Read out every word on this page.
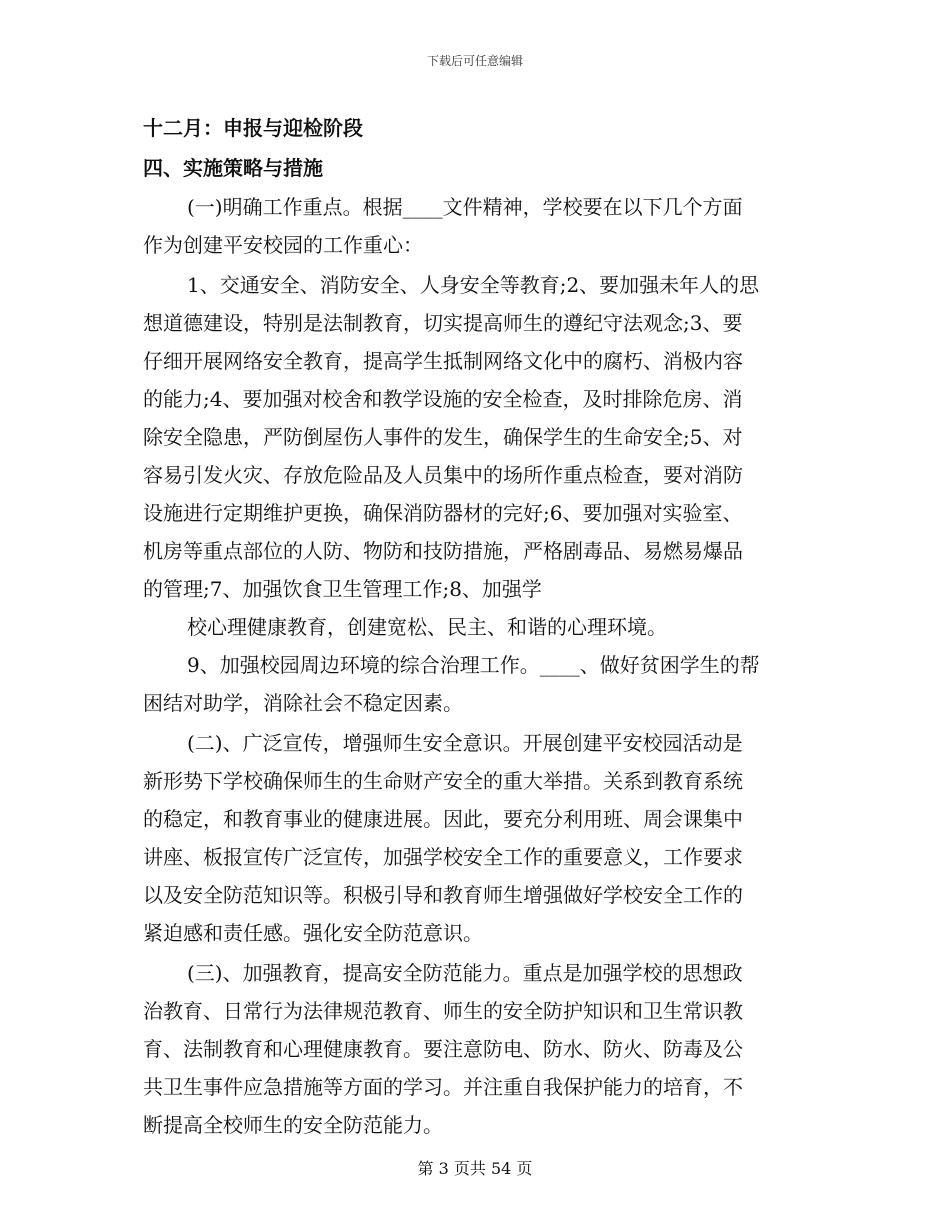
下载后可任意编辑
十二月：申报与迎检阶段
四、实施策略与措施
(一)明确工作重点。根据____文件精神，学校要在以下几个方面
作为创建平安校园的工作重心：
1、交通安全、消防安全、人身安全等教育;2、要加强未年人的思
想道德建设，特别是法制教育，切实提高师生的遵纪守法观念;3、要
仔细开展网络安全教育，提高学生抵制网络文化中的腐朽、消极内容
的能力;4、要加强对校舍和教学设施的安全检查，及时排除危房、消
除安全隐患，严防倒屋伤人事件的发生，确保学生的生命安全;5、对
容易引发火灾、存放危险品及人员集中的场所作重点检查，要对消防
设施进行定期维护更换，确保消防器材的完好;6、要加强对实验室、
机房等重点部位的人防、物防和技防措施，严格剧毒品、易燃易爆品
的管理;7、加强饮食卫生管理工作;8、加强学
校心理健康教育，创建宽松、民主、和谐的心理环境。
9、加强校园周边环境的综合治理工作。____、做好贫困学生的帮
困结对助学，消除社会不稳定因素。
(二)、广泛宣传，增强师生安全意识。开展创建平安校园活动是
新形势下学校确保师生的生命财产安全的重大举措。关系到教育系统
的稳定，和教育事业的健康进展。因此，要充分利用班、周会课集中
讲座、板报宣传广泛宣传，加强学校安全工作的重要意义，工作要求
以及安全防范知识等。积极引导和教育师生增强做好学校安全工作的
紧迫感和责任感。强化安全防范意识。
(三)、加强教育，提高安全防范能力。重点是加强学校的思想政
治教育、日常行为法律规范教育、师生的安全防护知识和卫生常识教
育、法制教育和心理健康教育。要注意防电、防水、防火、防毒及公
共卫生事件应急措施等方面的学习。并注重自我保护能力的培育，不
断提高全校师生的安全防范能力。
第 3 页共 54 页
